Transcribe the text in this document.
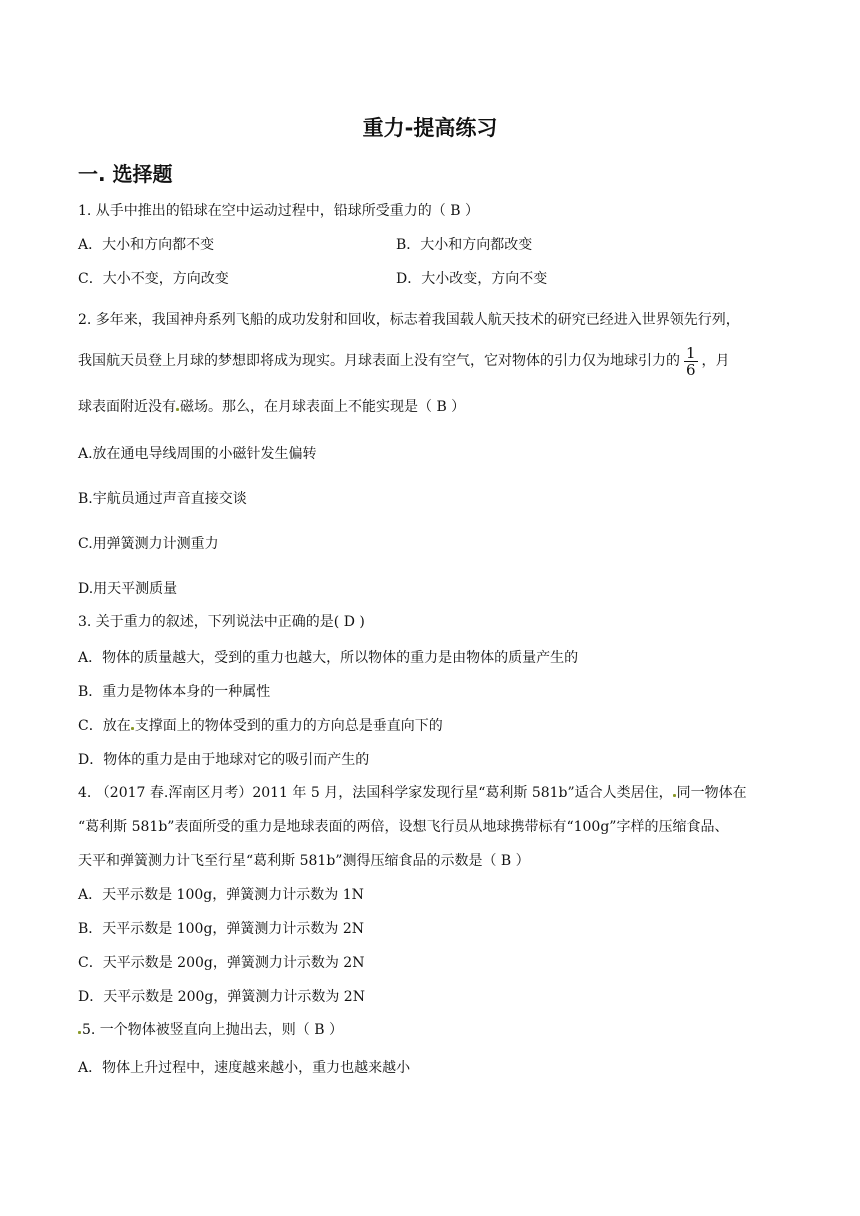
重力-提高练习
一. 选择题
1. 从手中推出的铅球在空中运动过程中，铅球所受重力的（ B ）
A．大小和方向都不变	B．大小和方向都改变
C．大小不变，方向改变	D．大小改变，方向不变
2. 多年来，我国神舟系列飞船的成功发射和回收，标志着我国载人航天技术的研究已经进入世界领先行列，
我国航天员登上月球的梦想即将成为现实。月球表面上没有空气，它对物体的引力仅为地球引力的 $\frac{1}{6}$ ，月
球表面附近没有 磁场。那么，在月球表面上不能实现是（ B ）
A.放在通电导线周围的小磁针发生偏转
B.宇航员通过声音直接交谈
C.用弹簧测力计测重力
D.用天平测质量
3. 关于重力的叙述，下列说法中正确的是( D )
A．物体的质量越大，受到的重力也越大，所以物体的重力是由物体的质量产生的
B．重力是物体本身的一种属性
C．放在 支撑面上的物体受到的重力的方向总是垂直向下的
D．物体的重力是由于地球对它的吸引而产生的
4. （2017 春.浑南区月考）2011 年 5 月，法国科学家发现行星“葛利斯 581b”适合人类居住， 同一物体在
“葛利斯 581b”表面所受的重力是地球表面的两倍，设想飞行员从地球携带标有“100g”字样的压缩食品、
天平和弹簧测力计飞至行星“葛利斯 581b”测得压缩食品的示数是（ B ）
A．天平示数是 100g，弹簧测力计示数为 1N
B．天平示数是 100g，弹簧测力计示数为 2N
C．天平示数是 200g，弹簧测力计示数为 2N
D．天平示数是 200g，弹簧测力计示数为 2N
5. 一个物体被竖直向上抛出去，则（ B ）
A．物体上升过程中，速度越来越小，重力也越来越小
